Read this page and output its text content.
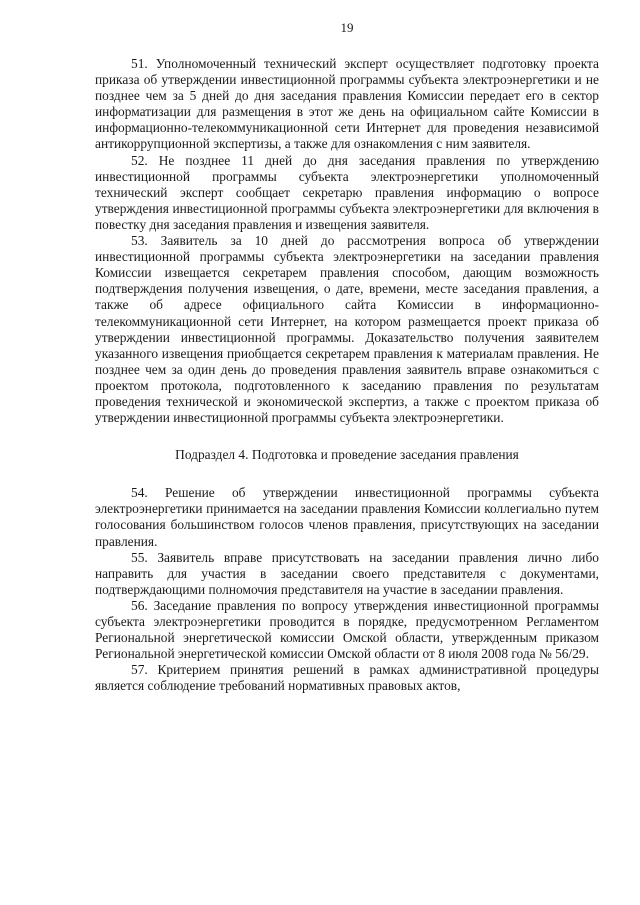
19

51. Уполномоченный технический эксперт осуществляет подготовку проекта приказа об утверждении инвестиционной программы субъекта электроэнергетики и не позднее чем за 5 дней до дня заседания правления Комиссии передает его в сектор информатизации для размещения в этот же день на официальном сайте Комиссии в информационно-телекоммуникационной сети Интернет для проведения независимой антикоррупционной экспертизы, а также для ознакомления с ним заявителя.

52. Не позднее 11 дней до дня заседания правления по утверждению инвестиционной программы субъекта электроэнергетики уполномоченный технический эксперт сообщает секретарю правления информацию о вопросе утверждения инвестиционной программы субъекта электроэнергетики для включения в повестку дня заседания правления и извещения заявителя.

53. Заявитель за 10 дней до рассмотрения вопроса об утверждении инвестиционной программы субъекта электроэнергетики на заседании правления Комиссии извещается секретарем правления способом, дающим возможность подтверждения получения извещения, о дате, времени, месте заседания правления, а также об адресе официального сайта Комиссии в информационно-телекоммуникационной сети Интернет, на котором размещается проект приказа об утверждении инвестиционной программы. Доказательство получения заявителем указанного извещения приобщается секретарем правления к материалам правления. Не позднее чем за один день до проведения правления заявитель вправе ознакомиться с проектом протокола, подготовленного к заседанию правления по результатам проведения технической и экономической экспертиз, а также с проектом приказа об утверждении инвестиционной программы субъекта электроэнергетики.

Подраздел 4. Подготовка и проведение заседания правления

54. Решение об утверждении инвестиционной программы субъекта электроэнергетики принимается на заседании правления Комиссии коллегиально путем голосования большинством голосов членов правления, присутствующих на заседании правления.

55. Заявитель вправе присутствовать на заседании правления лично либо направить для участия в заседании своего представителя с документами, подтверждающими полномочия представителя на участие в заседании правления.

56. Заседание правления по вопросу утверждения инвестиционной программы субъекта электроэнергетики проводится в порядке, предусмотренном Регламентом Региональной энергетической комиссии Омской области, утвержденным приказом Региональной энергетической комиссии Омской области от 8 июля 2008 года № 56/29.

57. Критерием принятия решений в рамках административной процедуры является соблюдение требований нормативных правовых актов,
